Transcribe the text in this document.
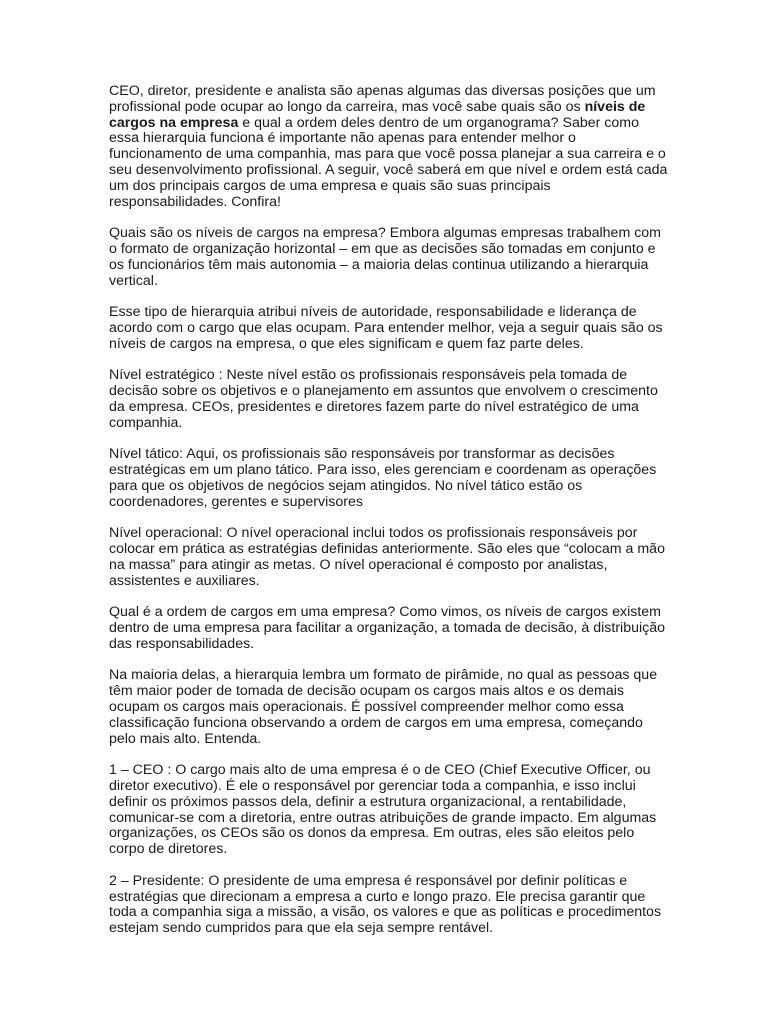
CEO, diretor, presidente e analista são apenas algumas das diversas posições que um profissional pode ocupar ao longo da carreira, mas você sabe quais são os níveis de cargos na empresa e qual a ordem deles dentro de um organograma? Saber como essa hierarquia funciona é importante não apenas para entender melhor o funcionamento de uma companhia, mas para que você possa planejar a sua carreira e o seu desenvolvimento profissional. A seguir, você saberá em que nível e ordem está cada um dos principais cargos de uma empresa e quais são suas principais responsabilidades. Confira!

Quais são os níveis de cargos na empresa? Embora algumas empresas trabalhem com o formato de organização horizontal – em que as decisões são tomadas em conjunto e os funcionários têm mais autonomia – a maioria delas continua utilizando a hierarquia vertical.

Esse tipo de hierarquia atribui níveis de autoridade, responsabilidade e liderança de acordo com o cargo que elas ocupam. Para entender melhor, veja a seguir quais são os níveis de cargos na empresa, o que eles significam e quem faz parte deles.

Nível estratégico : Neste nível estão os profissionais responsáveis pela tomada de decisão sobre os objetivos e o planejamento em assuntos que envolvem o crescimento da empresa. CEOs, presidentes e diretores fazem parte do nível estratégico de uma companhia.

Nível tático: Aqui, os profissionais são responsáveis por transformar as decisões estratégicas em um plano tático. Para isso, eles gerenciam e coordenam as operações para que os objetivos de negócios sejam atingidos. No nível tático estão os coordenadores, gerentes e supervisores

Nível operacional: O nível operacional inclui todos os profissionais responsáveis por colocar em prática as estratégias definidas anteriormente. São eles que “colocam a mão na massa” para atingir as metas. O nível operacional é composto por analistas, assistentes e auxiliares.

Qual é a ordem de cargos em uma empresa? Como vimos, os níveis de cargos existem dentro de uma empresa para facilitar a organização, a tomada de decisão, à distribuição das responsabilidades.

Na maioria delas, a hierarquia lembra um formato de pirâmide, no qual as pessoas que têm maior poder de tomada de decisão ocupam os cargos mais altos e os demais ocupam os cargos mais operacionais. É possível compreender melhor como essa classificação funciona observando a ordem de cargos em uma empresa, começando pelo mais alto. Entenda.

1 – CEO : O cargo mais alto de uma empresa é o de CEO (Chief Executive Officer, ou diretor executivo). É ele o responsável por gerenciar toda a companhia, e isso inclui definir os próximos passos dela, definir a estrutura organizacional, a rentabilidade, comunicar-se com a diretoria, entre outras atribuições de grande impacto. Em algumas organizações, os CEOs são os donos da empresa. Em outras, eles são eleitos pelo corpo de diretores.

2 – Presidente: O presidente de uma empresa é responsável por definir políticas e estratégias que direcionam a empresa a curto e longo prazo. Ele precisa garantir que toda a companhia siga a missão, a visão, os valores e que as políticas e procedimentos estejam sendo cumpridos para que ela seja sempre rentável.
